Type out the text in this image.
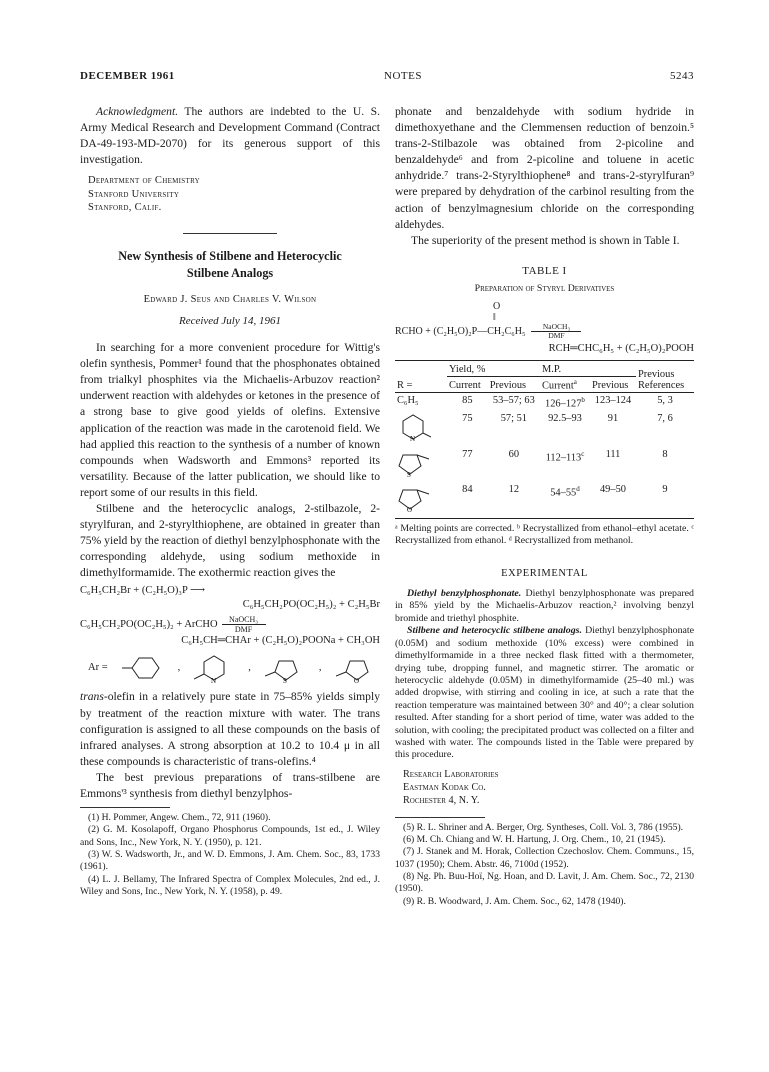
DECEMBER 1961	NOTES	5243

Acknowledgment. The authors are indebted to the U. S. Army Medical Research and Development Command (Contract DA-49-193-MD-2070) for its generous support of this investigation.

Department of Chemistry
Stanford University
Stanford, Calif.
New Synthesis of Stilbene and Heterocyclic
Stilbene Analogs
Edward J. Seus and Charles V. Wilson
Received July 14, 1961

In searching for a more convenient procedure for Wittig's olefin synthesis, Pommer¹ found that the phosphonates obtained from trialkyl phosphites via the Michaelis-Arbuzov reaction² underwent reaction with aldehydes or ketones in the presence of a strong base to give good yields of olefins. Extensive application of the reaction was made in the carotenoid field. We had applied this reaction to the synthesis of a number of known compounds when Wadsworth and Emmons³ reported its versatility. Because of the latter publication, we should like to report some of our results in this field.

Stilbene and the heterocyclic analogs, 2-stilbazole, 2-styrylfuran, and 2-styrylthiophene, are obtained in greater than 75% yield by the reaction of diethyl benzylphosphonate with the corresponding aldehyde, using sodium methoxide in dimethylformamide. The exothermic reaction gives the

C₆H₅CH₂Br + (C₂H₅O)₃P ⟶
C₆H₅CH₂PO(OC₂H₅)₂ + C₂H₅Br
C₆H₅CH₂PO(OC₂H₅)₂ + ArCHO NaOCH₃
DMF
C₆H₅CH═CHAr + (C₂H₅O)₂POONa + CH₃OH
Ar =	,
N
,
S
,
O

trans-olefin in a relatively pure state in 75–85% yields simply by treatment of the reaction mixture with water. The trans configuration is assigned to all these compounds on the basis of infrared analyses. A strong absorption at 10.2 to 10.4 μ in all these compounds is characteristic of trans-olefins.⁴

The best previous preparations of trans-stilbene are Emmons'³ synthesis from diethyl benzylphos-

(1) H. Pommer, Angew. Chem., 72, 911 (1960).

(2) G. M. Kosolapoff, Organo Phosphorus Compounds, 1st ed., J. Wiley and Sons, Inc., New York, N. Y. (1950), p. 121.

(3) W. S. Wadsworth, Jr., and W. D. Emmons, J. Am. Chem. Soc., 83, 1733 (1961).

(4) L. J. Bellamy, The Infrared Spectra of Complex Molecules, 2nd ed., J. Wiley and Sons, Inc., New York, N. Y. (1958), p. 49.

phonate and benzaldehyde with sodium hydride in dimethoxyethane and the Clemmensen reduction of benzoin.⁵ trans-2-Stilbazole was obtained from 2-picoline and benzaldehyde⁶ and from 2-picoline and toluene in acetic anhydride.⁷ trans-2-Styrylthiophene⁸ and trans-2-styrylfuran⁹ were prepared by dehydration of the carbinol resulting from the action of benzylmagnesium chloride on the corresponding aldehydes.

The superiority of the present method is shown in Table I.

TABLE I
Preparation of Styryl Derivatives
O
‖
RCHO + (C₂H₅O)₂P—CH₂C₆H₅ NaOCH₃
DMF
RCH═CHC₆H₅ + (C₂H₅O)₂POOH
R =	Yield, %		M.P.		Previous References
	Current	Previous	Current$^a$	Previous	
C₆H₅	85	53–57; 63	126–127$^b$	123–124	5, 3

N	75	57; 51	92.5–93	91	7, 6

S	77	60	112–113$^c$	111	8

O	84	12	54–55$^d$	49–50	9
ᵃ Melting points are corrected. ᵇ Recrystallized from ethanol–ethyl acetate. ᶜ Recrystallized from ethanol. ᵈ Recrystallized from methanol.
EXPERIMENTAL

Diethyl benzylphosphonate. Diethyl benzylphosphonate was prepared in 85% yield by the Michaelis-Arbuzov reaction,² involving benzyl bromide and triethyl phosphite.

Stilbene and heterocyclic stilbene analogs. Diethyl benzylphosphonate (0.05M) and sodium methoxide (10% excess) were combined in dimethylformamide in a three necked flask fitted with a thermometer, drying tube, dropping funnel, and magnetic stirrer. The aromatic or heterocyclic aldehyde (0.05M) in dimethylformamide (25–40 ml.) was added dropwise, with stirring and cooling in ice, at such a rate that the reaction temperature was maintained between 30° and 40°; a clear solution resulted. After standing for a short period of time, water was added to the solution, with cooling; the precipitated product was collected on a filter and washed with water. The compounds listed in the Table were prepared by this procedure.

Research Laboratories
Eastman Kodak Co.
Rochester 4, N. Y.

(5) R. L. Shriner and A. Berger, Org. Syntheses, Coll. Vol. 3, 786 (1955).

(6) M. Ch. Chiang and W. H. Hartung, J. Org. Chem., 10, 21 (1945).

(7) J. Stanek and M. Horak, Collection Czechoslov. Chem. Communs., 15, 1037 (1950); Chem. Abstr. 46, 7100d (1952).

(8) Ng. Ph. Buu-Hoï, Ng. Hoan, and D. Lavit, J. Am. Chem. Soc., 72, 2130 (1950).

(9) R. B. Woodward, J. Am. Chem. Soc., 62, 1478 (1940).
